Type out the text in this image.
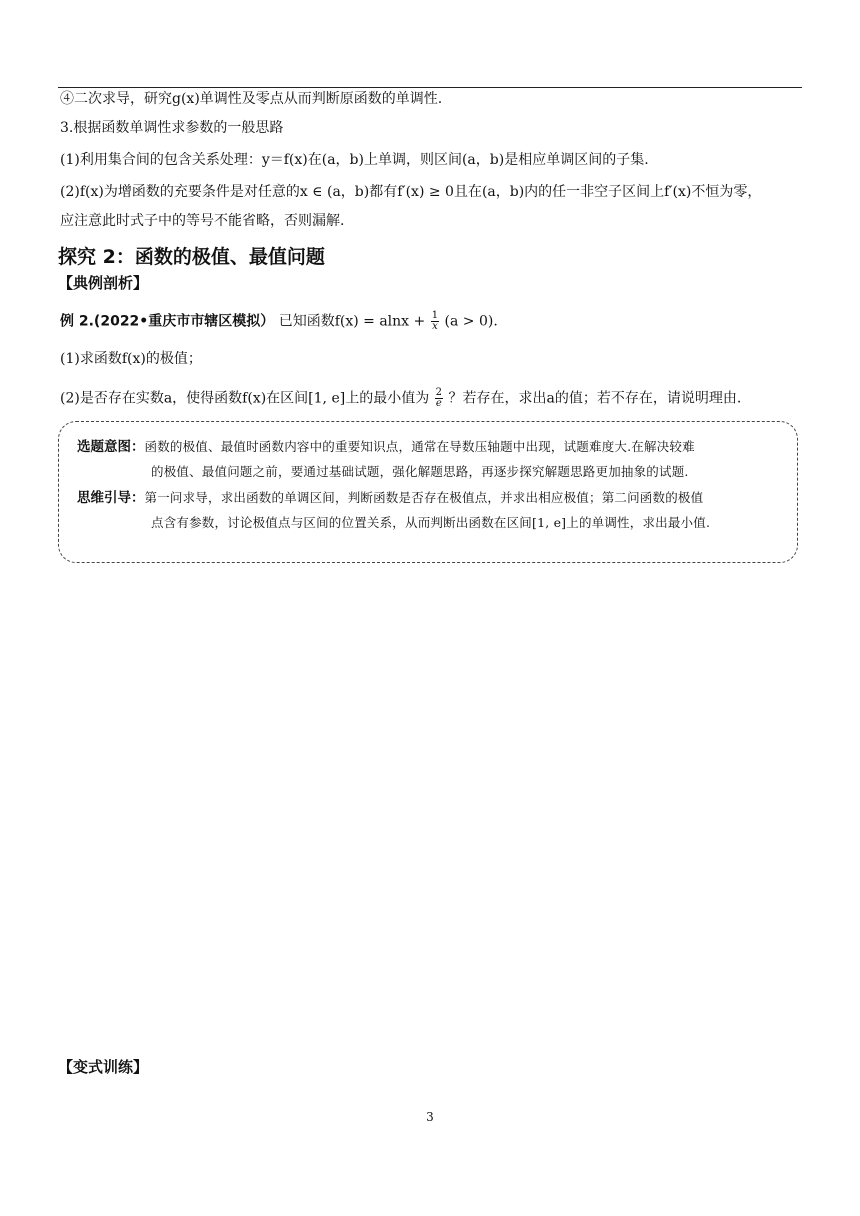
④二次求导，研究g(x)单调性及零点从而判断原函数的单调性.
3.根据函数单调性求参数的一般思路
(1)利用集合间的包含关系处理：y＝f(x)在(a，b)上单调，则区间(a，b)是相应单调区间的子集.
(2)f(x)为增函数的充要条件是对任意的x ∈ (a，b)都有f′(x) ≥ 0且在(a，b)内的任一非空子区间上f′(x)不恒为零，
应注意此时式子中的等号不能省略，否则漏解.
探究 2：函数的极值、最值问题
【典例剖析】
例 2.(2022•重庆市市辖区模拟） 已知函数$f(x) = alnx + \frac{1}{x} (a > 0)$.
(1)求函数f(x)的极值；
(2)是否存在实数a，使得函数f(x)在区间[1, e]上的最小值为 $\frac{2}{e}$ ？若存在，求出a的值；若不存在，请说明理由.
选题意图：函数的极值、最值时函数内容中的重要知识点，通常在导数压轴题中出现，试题难度大.在解决较难
的极值、最值问题之前，要通过基础试题，强化解题思路，再逐步探究解题思路更加抽象的试题.
思维引导：第一问求导，求出函数的单调区间，判断函数是否存在极值点，并求出相应极值；第二问函数的极值
点含有参数，讨论极值点与区间的位置关系，从而判断出函数在区间[1, e]上的单调性，求出最小值.
【变式训练】
3
